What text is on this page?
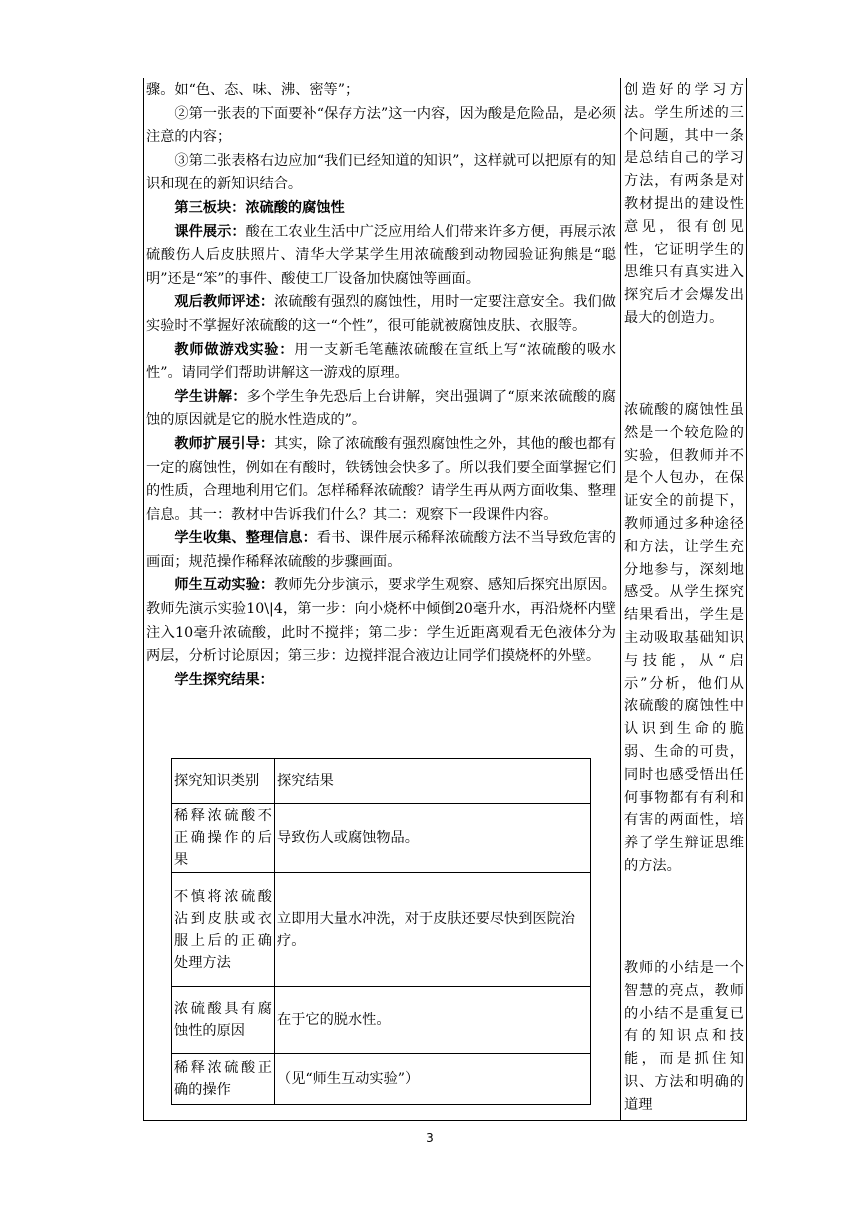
骤。如“色、态、味、沸、密等”；

②第一张表的下面要补“保存方法”这一内容，因为酸是危险品，是必须注意的内容；

③第二张表格右边应加“我们已经知道的知识”，这样就可以把原有的知识和现在的新知识结合。

第三板块：浓硫酸的腐蚀性

课件展示：酸在工农业生活中广泛应用给人们带来许多方便，再展示浓硫酸伤人后皮肤照片、清华大学某学生用浓硫酸到动物园验证狗熊是“聪明”还是“笨”的事件、酸使工厂设备加快腐蚀等画面。

观后教师评述：浓硫酸有强烈的腐蚀性，用时一定要注意安全。我们做实验时不掌握好浓硫酸的这一“个性”，很可能就被腐蚀皮肤、衣服等。

教师做游戏实验：用一支新毛笔蘸浓硫酸在宣纸上写“浓硫酸的吸水性”。请同学们帮助讲解这一游戏的原理。

学生讲解：多个学生争先恐后上台讲解，突出强调了“原来浓硫酸的腐蚀的原因就是它的脱水性造成的”。

教师扩展引导：其实，除了浓硫酸有强烈腐蚀性之外，其他的酸也都有一定的腐蚀性，例如在有酸时，铁锈蚀会快多了。所以我们要全面掌握它们的性质，合理地利用它们。怎样稀释浓硫酸？请学生再从两方面收集、整理信息。其一：教材中告诉我们什么？其二：观察下一段课件内容。

学生收集、整理信息：看书、课件展示稀释浓硫酸方法不当导致危害的画面；规范操作稀释浓硫酸的步骤画面。

师生互动实验：教师先分步演示，要求学生观察、感知后探究出原因。教师先演示实验10\|4，第一步：向小烧杯中倾倒20毫升水，再沿烧杯内壁注入10毫升浓硫酸，此时不搅拌；第二步：学生近距离观看无色液体分为两层，分析讨论原因；第三步：边搅拌混合液边让同学们摸烧杯的外壁。

学生探究结果：

探究知识类别	探究结果
稀释浓硫酸不正确操作的后果	导致伤人或腐蚀物品。
不慎将浓硫酸沾到皮肤或衣服上后的正确处理方法	立即用大量水冲洗，对于皮肤还要尽快到医院治疗。
浓硫酸具有腐蚀性的原因	在于它的脱水性。
稀释浓硫酸正确的操作	（见“师生互动实验”）
创造好的学习方法。学生所述的三个问题，其中一条是总结自己的学习方法，有两条是对教材提出的建设性意见，很有创见性，它证明学生的思维只有真实进入探究后才会爆发出最大的创造力。
浓硫酸的腐蚀性虽然是一个较危险的实验，但教师并不是个人包办，在保证安全的前提下，教师通过多种途径和方法，让学生充分地参与，深刻地感受。从学生探究结果看出，学生是主动吸取基础知识与技能，从“启示”分析，他们从浓硫酸的腐蚀性中认识到生命的脆弱、生命的可贵，同时也感受悟出任何事物都有有利和有害的两面性，培养了学生辩证思维的方法。
教师的小结是一个智慧的亮点，教师的小结不是重复已有的知识点和技能，而是抓住知识、方法和明确的道理
3
